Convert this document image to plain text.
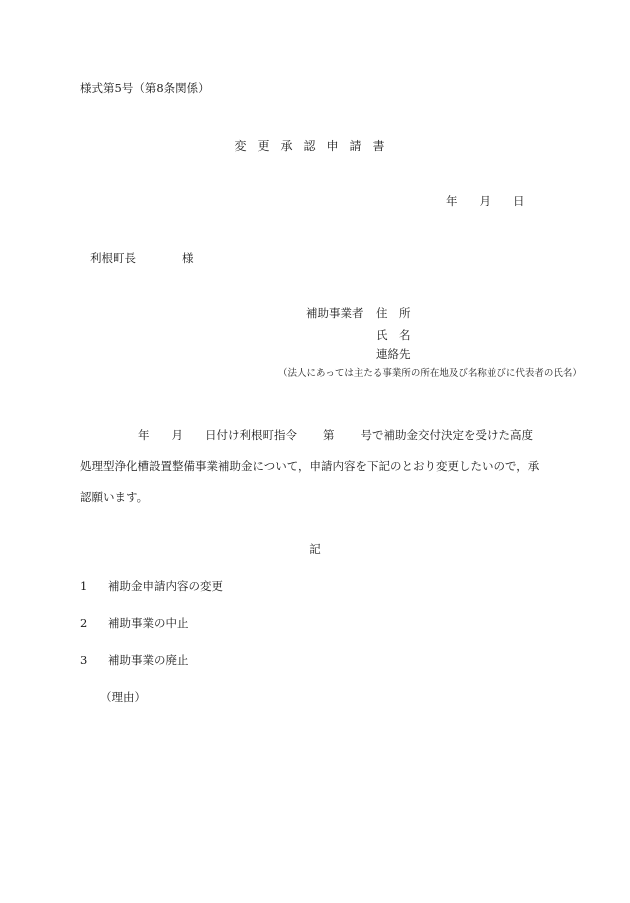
様式第5号（第8条関係）
変更承認申請書
年 月 日
利根町長	様
補助事業者 住　所
氏　名
連絡先
（法人にあっては主たる事業所の所在地及び名称並びに代表者の氏名）
年 月 日付け利根町指令 第 号で補助金交付決定を受けた高度
処理型浄化槽設置整備事業補助金について，申請内容を下記のとおり変更したいので，承
認願います。
記
1 補助金申請内容の変更
2 補助事業の中止
3 補助事業の廃止
（理由）
